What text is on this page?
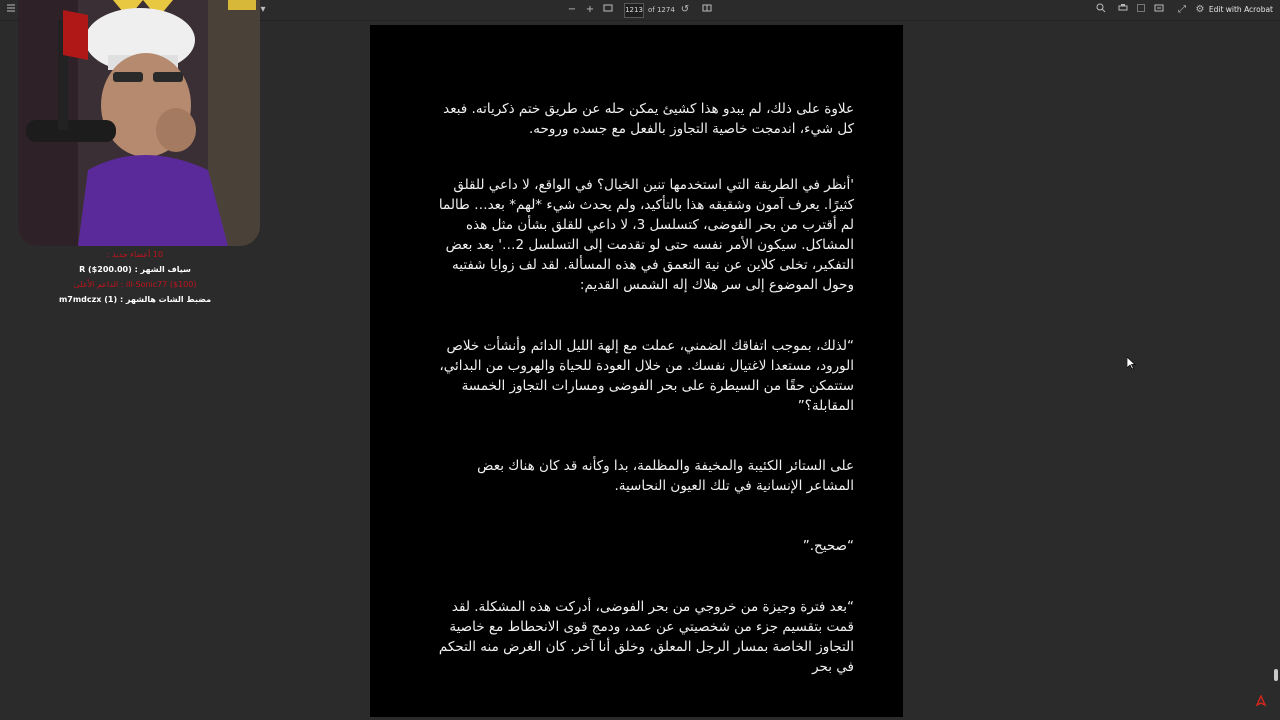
▾	− +	1213 of 1274 ↺	⤢ ⚙ Edit with Acrobat
علاوة على ذلك، لم يبدو هذا كشيئ يمكن حله عن طريق ختم ذكرياته. فبعد كل شيء، اندمجت خاصية التجاوز بالفعل مع جسده وروحه.
'أنظر في الطريقة التي استخدمها تنين الخيال؟ في الواقع، لا داعي للقلق كثيرًا. يعرف آمون وشقيقه هذا بالتأكيد، ولم يحدث شيء *لهم* بعد… طالما لم أقترب من بحر الفوضى، كتسلسل 3، لا داعي للقلق بشأن مثل هذه المشاكل. سيكون الأمر نفسه حتى لو تقدمت إلى التسلسل 2…' بعد بعض التفكير، تخلى كلاين عن نية التعمق في هذه المسألة. لقد لف زوايا شفتيه وحول الموضوع إلى سر هلاك إله الشمس القديم:
“لذلك، بموجب اتفاقك الضمني، عملت مع إلهة الليل الدائم وأنشأت خلاص الورود، مستعدا لاغتيال نفسك. من خلال العودة للحياة والهروب من البدائي، ستتمكن حقًا من السيطرة على بحر الفوضى ومسارات التجاوز الخمسة المقابلة؟”
على الستائر الكئيبة والمخيفة والمظلمة، بدا وكأنه قد كان هناك بعض المشاعر الإنسانية في تلك العيون النحاسية.
“صحيح.”
“بعد فترة وجيزة من خروجي من بحر الفوضى، أدركت هذه المشكلة. لقد قمت بتقسيم جزء من شخصيتي عن عمد، ودمج قوى الانحطاط مع خاصية التجاوز الخاصة بمسار الرجل المعلق، وخلق أنا آخر. كان الغرض منه التحكم في بحر
10 أعضاء جديد :
سياف الشهر : R ($200.00)
ill-Sonic77 ($100) : الداعم الأعلى
مضبط الشات هالشهر : (1) m7mdczx
